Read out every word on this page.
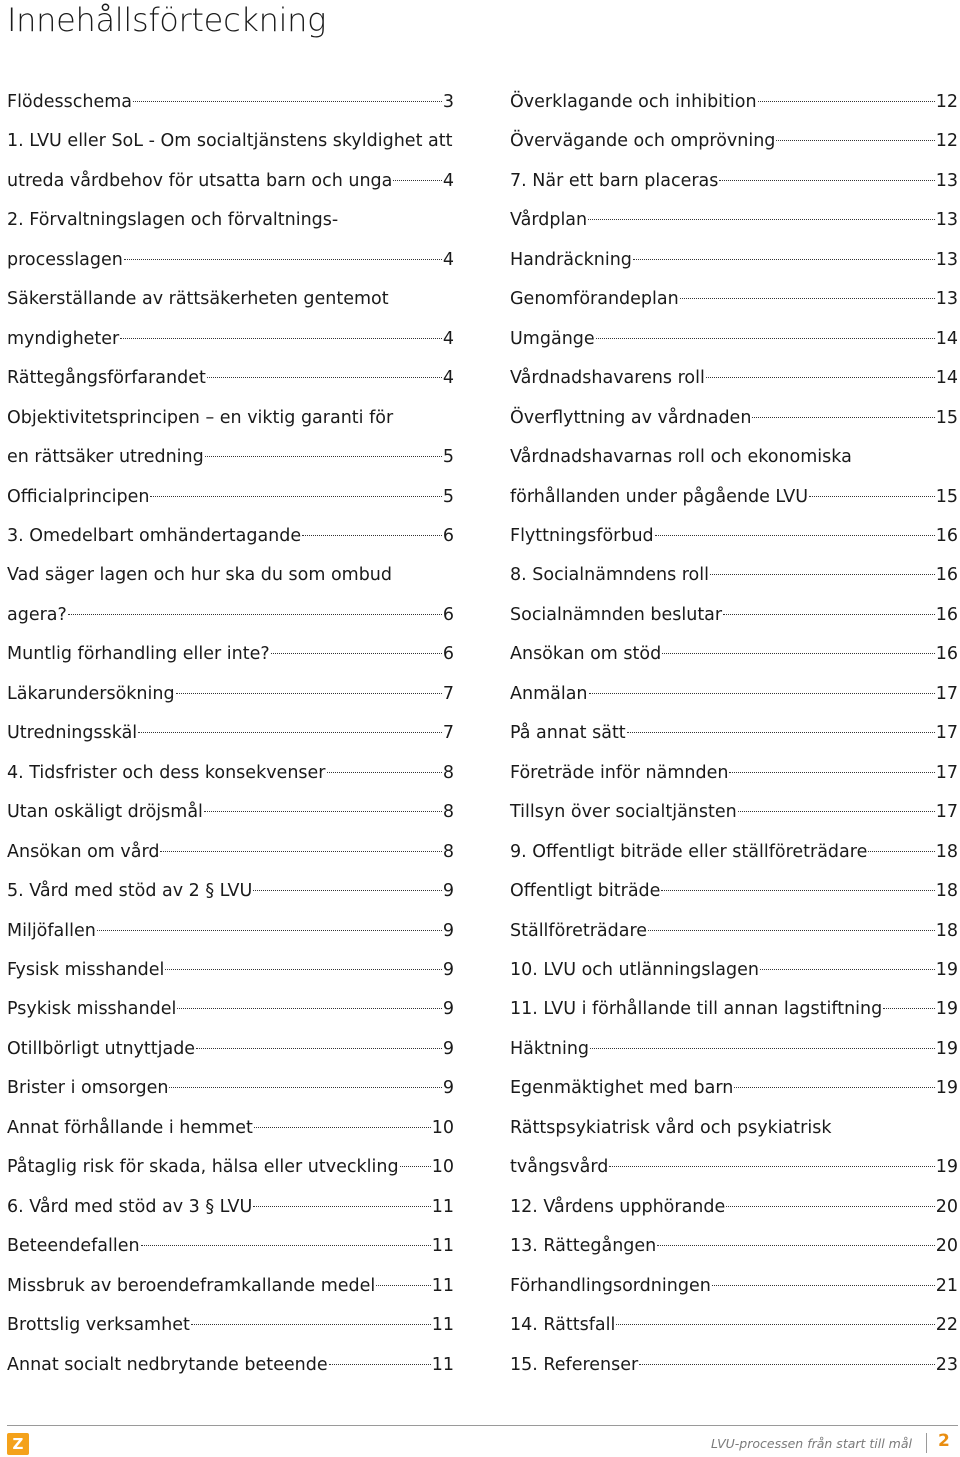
Innehållsförteckning
Flödesschema	3
1. LVU eller SoL - Om socialtjänstens skyldighet att
utreda vårdbehov för utsatta barn och unga	4
2. Förvaltningslagen och förvaltnings-
processlagen	4
Säkerställande av rättsäkerheten gentemot
myndigheter	4
Rättegångsförfarandet	4
Objektivitetsprincipen – en viktig garanti för
en rättsäker utredning	5
Officialprincipen	5
3. Omedelbart omhändertagande	6
Vad säger lagen och hur ska du som ombud
agera?	6
Muntlig förhandling eller inte?	6
Läkarundersökning	7
Utredningsskäl	7
4. Tidsfrister och dess konsekvenser	8
Utan oskäligt dröjsmål	8
Ansökan om vård	8
5. Vård med stöd av 2 § LVU	9
Miljöfallen	9
Fysisk misshandel	9
Psykisk misshandel	9
Otillbörligt utnyttjade	9
Brister i omsorgen	9
Annat förhållande i hemmet	10
Påtaglig risk för skada, hälsa eller utveckling 10
6. Vård med stöd av 3 § LVU	11
Beteendefallen	11
Missbruk av beroendeframkallande medel	11
Brottslig verksamhet	11
Annat socialt nedbrytande beteende	11
Överklagande och inhibition	12
Övervägande och omprövning	12
7. När ett barn placeras	13
Vårdplan	13
Handräckning	13
Genomförandeplan	13
Umgänge	14
Vårdnadshavarens roll	14
Överflyttning av vårdnaden	15
Vårdnadshavarnas roll och ekonomiska
förhållanden under pågående LVU	15
Flyttningsförbud	16
8. Socialnämndens roll	16
Socialnämnden beslutar	16
Ansökan om stöd	16
Anmälan	17
På annat sätt	17
Företräde inför nämnden	17
Tillsyn över socialtjänsten	17
9. Offentligt biträde eller ställföreträdare	18
Offentligt biträde	18
Ställföreträdare	18
10. LVU och utlänningslagen	19
11. LVU i förhållande till annan lagstiftning	19
Häktning	19
Egenmäktighet med barn	19
Rättspsykiatrisk vård och psykiatrisk
tvångsvård	19
12. Vårdens upphörande	20
13. Rättegången	20
Förhandlingsordningen	21
14. Rättsfall	22
15. Referenser	23
Z	LVU-processen från start till mål 2
